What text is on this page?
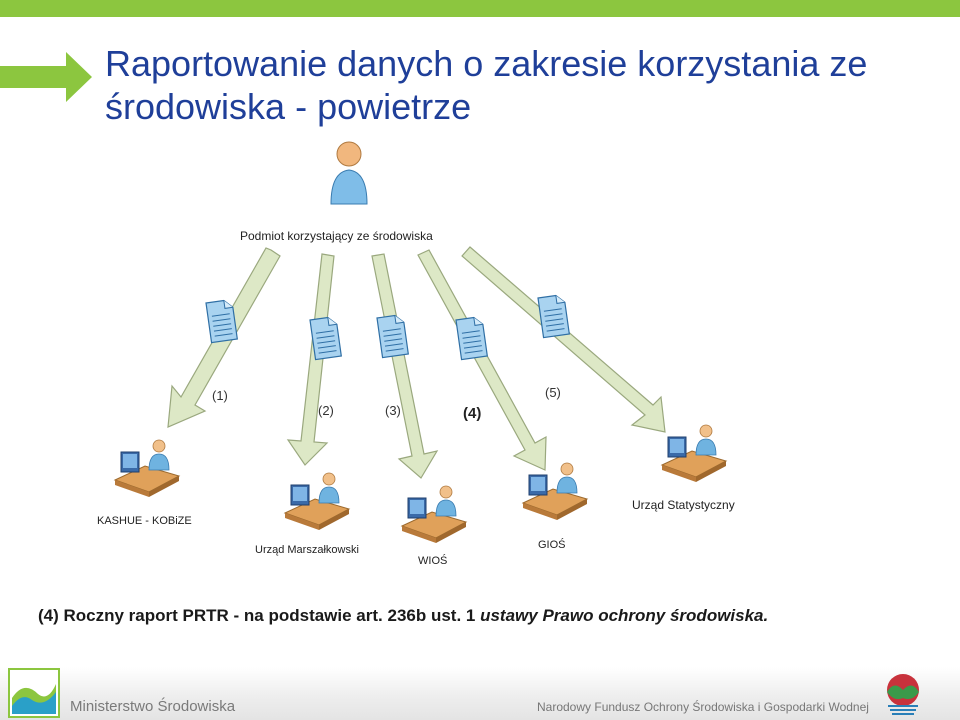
Raportowanie danych o zakresie korzystania ze
środowiska - powietrze
Podmiot korzystający ze środowiska
(1)
(2)	(3)	(4)
(5)
KASHUE - KOBiZE
Urząd Marszałkowski
WIOŚ
GIOŚ
Urząd Statystyczny
(4) Roczny raport PRTR - na podstawie art. 236b ust. 1 ustawy Prawo ochrony środowiska.
Ministerstwo Środowiska	Narodowy Fundusz Ochrony Środowiska i Gospodarki Wodnej
